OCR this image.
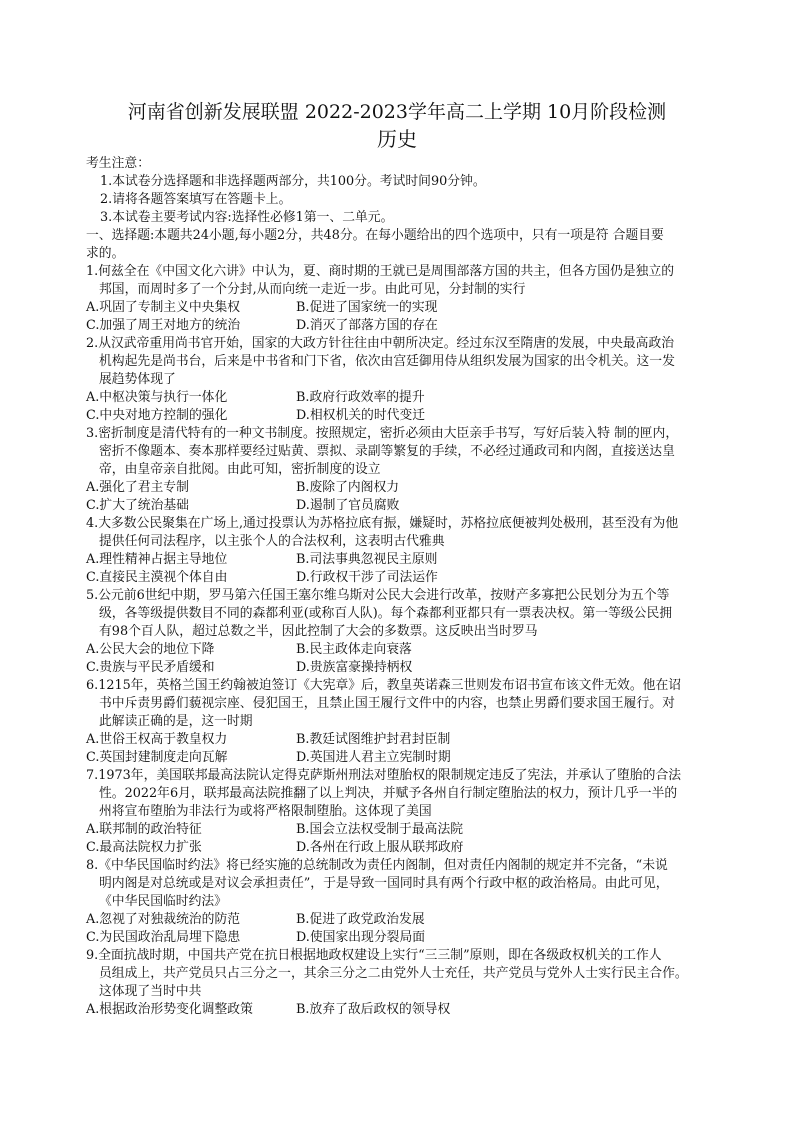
河南省创新发展联盟 2022-2023学年高二上学期 10月阶段检测
历史
考生注意：
1.本试卷分选择题和非选择题两部分，共100分。考试时间90分钟。
2.请将各题答案填写在答题卡上。
3.本试卷主要考试内容:选择性必修1第一、二单元。
一、选择题:本题共24小题,每小题2分，共48分。在每小题给出的四个选项中，只有一项是符 合题目要
求的。
1.何兹全在《中国文化六讲》中认为，夏、商时期的王就已是周围部落方国的共主，但各方国仍是独立的
邦国，而周时多了一个分封,从而向统一走近一步。由此可见，分封制的实行
A.巩固了专制主义中央集权	B.促进了国家统一的实现
C.加强了周王对地方的统治	D.消灭了部落方国的存在
2.从汉武帝重用尚书官开始，国家的大政方针往往由中朝所决定。经过东汉至隋唐的发展，中央最高政治
机构起先是尚书台，后来是中书省和门下省，依次由宫廷御用侍从组织发展为国家的出令机关。这一发
展趋势体现了
A.中枢决策与执行一体化	B.政府行政效率的提升
C.中央对地方控制的强化	D.相权机关的时代变迁
3.密折制度是清代特有的一种文书制度。按照规定，密折必须由大臣亲手书写，写好后装入特 制的匣内，
密折不像题本、奏本那样要经过贴黄、票拟、录副等繁复的手续，不必经过通政司和内阁，直接送达皇
帝，由皇帝亲自批阅。由此可知，密折制度的设立
A.强化了君主专制	B.废除了内阁权力
C.扩大了统治基础	D.遏制了官员腐败
4.大多数公民聚集在广场上,通过投票认为苏格拉底有振，嫌疑时，苏格拉底便被判处极刑，甚至没有为他
提供任何司法程序，以主张个人的合法权利，这表明古代雅典
A.理性精神占据主导地位	B.司法事典忽视民主原则
C.直接民主漠视个体自由	D.行政权干涉了司法运作
5.公元前6世纪中期，罗马第六任国王塞尔维乌斯对公民大会进行改革，按财产多寡把公民划分为五个等
级，各等级提供数目不同的森都利亚(或称百人队)。每个森都利亚都只有一票表决权。第一等级公民拥
有98个百人队，超过总数之半，因此控制了大会的多数票。这反映出当时罗马
A.公民大会的地位下降	B.民主政体走向衰落
C.贵族与平民矛盾缓和	D.贵族富豪操持柄权
6.1215年，英格兰国王约翰被迫签订《大宪章》后，教皇英诺森三世则发布诏书宣布该文件无效。他在诏
书中斥责男爵们藐视宗座、侵犯国王，且禁止国王履行文件中的内容，也禁止男爵们要求国王履行。对
此解读正确的是，这一时期
A.世俗王权高于教皇权力	B.教廷试图维护封君封臣制
C.英国封建制度走向瓦解	D.英国进人君主立宪制时期
7.1973年，美国联邦最高法院认定得克萨斯州刑法对堕胎权的限制规定违反了宪法，并承认了堕胎的合法
性。2022年6月，联邦最高法院推翻了以上判决，并赋予各州自行制定堕胎法的权力，预计几乎一半的
州将宣布堕胎为非法行为或将严格限制堕胎。这体现了美国
A.联邦制的政治特征	B.国会立法权受制于最高法院
C.最高法院权力扩张	D.各州在行政上服从联邦政府
8.《中华民国临时约法》将已经实施的总统制改为责任内阁制，但对责任内阁制的规定并不完备，“未说
明内阁是对总统或是对议会承担责任”，于是导致一国同时具有两个行政中枢的政治格局。由此可见，
《中华民国临时约法》
A.忽视了对独裁统治的防范	B.促进了政党政治发展
C.为民国政治乱局埋下隐患	D.使国家出现分裂局面
9.全面抗战时期，中国共产党在抗日根据地政权建设上实行“三三制”原则，即在各级政权机关的工作人
员组成上，共产党员只占三分之一，其余三分之二由党外人士充任，共产党员与党外人士实行民主合作。
这体现了当时中共
A.根据政治形势变化调整政策	B.放弃了敌后政权的领导权
